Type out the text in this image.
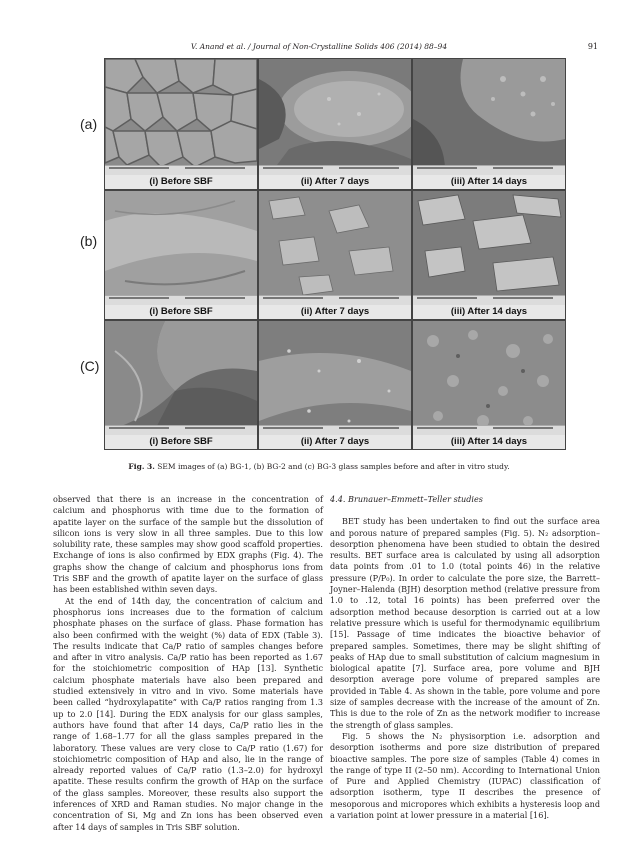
V. Anand et al. / Journal of Non-Crystalline Solids 406 (2014) 88–94	91
(a)
(b)
(C)
(i) Before SBF	(ii) After 7 days	(iii) After 14 days
(i) Before SBF	(ii) After 7 days	(iii) After 14 days
(i) Before SBF	(ii) After 7 days	(iii) After 14 days
Fig. 3. SEM images of (a) BG-1, (b) BG-2 and (c) BG-3 glass samples before and after in vitro study.

observed that there is an increase in the concentration of calcium and phosphorus with time due to the formation of apatite layer on the surface of the sample but the dissolution of silicon ions is very slow in all three samples. Due to this low solubility rate, these samples may show good scaffold properties. Exchange of ions is also confirmed by EDX graphs (Fig. 4). The graphs show the change of calcium and phosphorus ions from Tris SBF and the growth of apatite layer on the surface of glass has been established within seven days.

At the end of 14th day, the concentration of calcium and phosphorus ions increases due to the formation of calcium phosphate phases on the surface of glass. Phase formation has also been confirmed with the weight (%) data of EDX (Table 3). The results indicate that Ca/P ratio of samples changes before and after in vitro analysis. Ca/P ratio has been reported as 1.67 for the stoichiometric composition of HAp [13]. Synthetic calcium phosphate materials have also been prepared and studied extensively in vitro and in vivo. Some materials have been called “hydroxylapatite” with Ca/P ratios ranging from 1.3 up to 2.0 [14]. During the EDX analysis for our glass samples, authors have found that after 14 days, Ca/P ratio lies in the range of 1.68–1.77 for all the glass samples prepared in the laboratory. These values are very close to Ca/P ratio (1.67) for stoichiometric composition of HAp and also, lie in the range of already reported values of Ca/P ratio (1.3–2.0) for hydroxyl apatite. These results confirm the growth of HAp on the surface of the glass samples. Moreover, these results also support the inferences of XRD and Raman studies. No major change in the concentration of Si, Mg and Zn ions has been observed even after 14 days of samples in Tris SBF solution.

4.4. Brunauer–Emmett–Teller studies

BET study has been undertaken to find out the surface area and porous nature of prepared samples (Fig. 5). N₂ adsorption–desorption phenomena have been studied to obtain the desired results. BET surface area is calculated by using all adsorption data points from .01 to 1.0 (total points 46) in the relative pressure (P/P₀). In order to calculate the pore size, the Barrett–Joyner–Halenda (BJH) desorption method (relative pressure from 1.0 to .12, total 16 points) has been preferred over the adsorption method because desorption is carried out at a low relative pressure which is useful for thermodynamic equilibrium [15]. Passage of time indicates the bioactive behavior of prepared samples. Sometimes, there may be slight shifting of peaks of HAp due to small substitution of calcium magnesium in biological apatite [7]. Surface area, pore volume and BJH desorption average pore volume of prepared samples are provided in Table 4. As shown in the table, pore volume and pore size of samples decrease with the increase of the amount of Zn. This is due to the role of Zn as the network modifier to increase the strength of glass samples.

Fig. 5 shows the N₂ physisorption i.e. adsorption and desorption isotherms and pore size distribution of prepared bioactive samples. The pore size of samples (Table 4) comes in the range of type II (2–50 nm). According to International Union of Pure and Applied Chemistry (IUPAC) classification of adsorption isotherm, type II describes the presence of mesoporous and micropores which exhibits a hysteresis loop and a variation point at lower pressure in a material [16].
